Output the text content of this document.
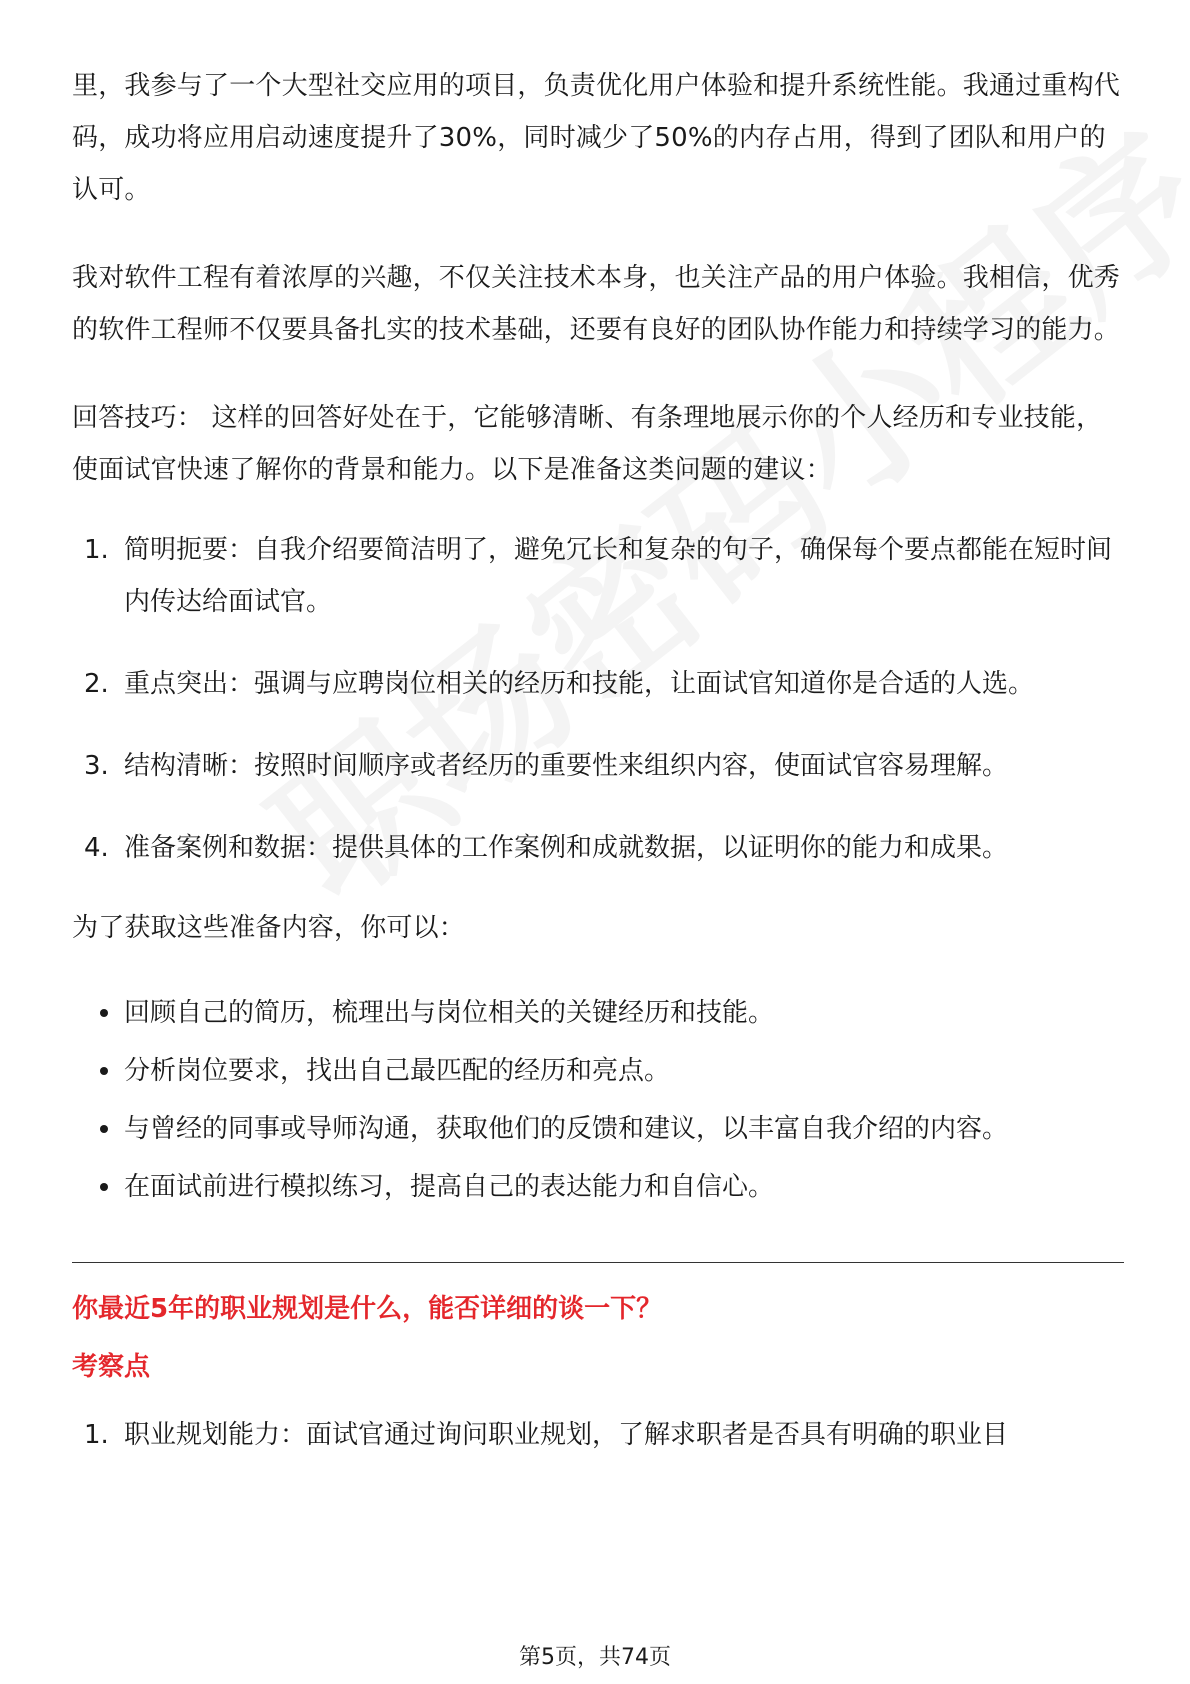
里，我参与了一个大型社交应用的项目，负责优化用户体验和提升系统性能。我通过重构代码，成功将应用启动速度提升了30%，同时减少了50%的内存占用，得到了团队和用户的认可。

我对软件工程有着浓厚的兴趣，不仅关注技术本身，也关注产品的用户体验。我相信，优秀的软件工程师不仅要具备扎实的技术基础，还要有良好的团队协作能力和持续学习的能力。

回答技巧： 这样的回答好处在于，它能够清晰、有条理地展示你的个人经历和专业技能，使面试官快速了解你的背景和能力。以下是准备这类问题的建议：

1. 简明扼要：自我介绍要简洁明了，避免冗长和复杂的句子，确保每个要点都能在短时间内传达给面试官。
2. 重点突出：强调与应聘岗位相关的经历和技能，让面试官知道你是合适的人选。
3. 结构清晰：按照时间顺序或者经历的重要性来组织内容，使面试官容易理解。
4. 准备案例和数据：提供具体的工作案例和成就数据，以证明你的能力和成果。

为了获取这些准备内容，你可以：

回顾自己的简历，梳理出与岗位相关的关键经历和技能。
分析岗位要求，找出自己最匹配的经历和亮点。
与曾经的同事或导师沟通，获取他们的反馈和建议，以丰富自我介绍的内容。
在面试前进行模拟练习，提高自己的表达能力和自信心。
你最近5年的职业规划是什么，能否详细的谈一下？
考察点
1. 职业规划能力：面试官通过询问职业规划，了解求职者是否具有明确的职业目
第5页，共74页
